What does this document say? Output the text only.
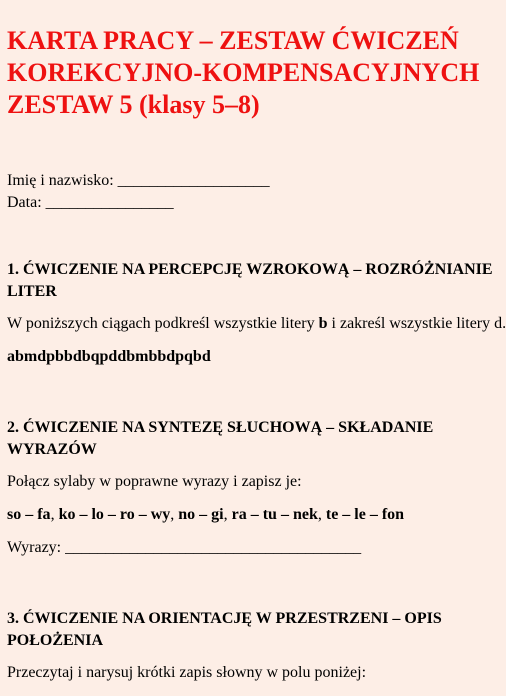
KARTA PRACY – ZESTAW ĆWICZEŃ
KOREKCYJNO-KOMPENSACYJNYCH
ZESTAW 5 (klasy 5–8)
Imię i nazwisko: ___________________
Data: ________________
1. ĆWICZENIE NA PERCEPCJĘ WZROKOWĄ – ROZRÓŻNIANIE
LITER
W poniższych ciągach podkreśl wszystkie litery b i zakreśl wszystkie litery d.
abmdpbbdbqpddbmbbdpqbd
2. ĆWICZENIE NA SYNTEZĘ SŁUCHOWĄ – SKŁADANIE
WYRAZÓW
Połącz sylaby w poprawne wyrazy i zapisz je:
so – fa, ko – lo – ro – wy, no – gi, ra – tu – nek, te – le – fon
Wyrazy: _____________________________________
3. ĆWICZENIE NA ORIENTACJĘ W PRZESTRZENI – OPIS
POŁOŻENIA
Przeczytaj i narysuj krótki zapis słowny w polu poniżej:
